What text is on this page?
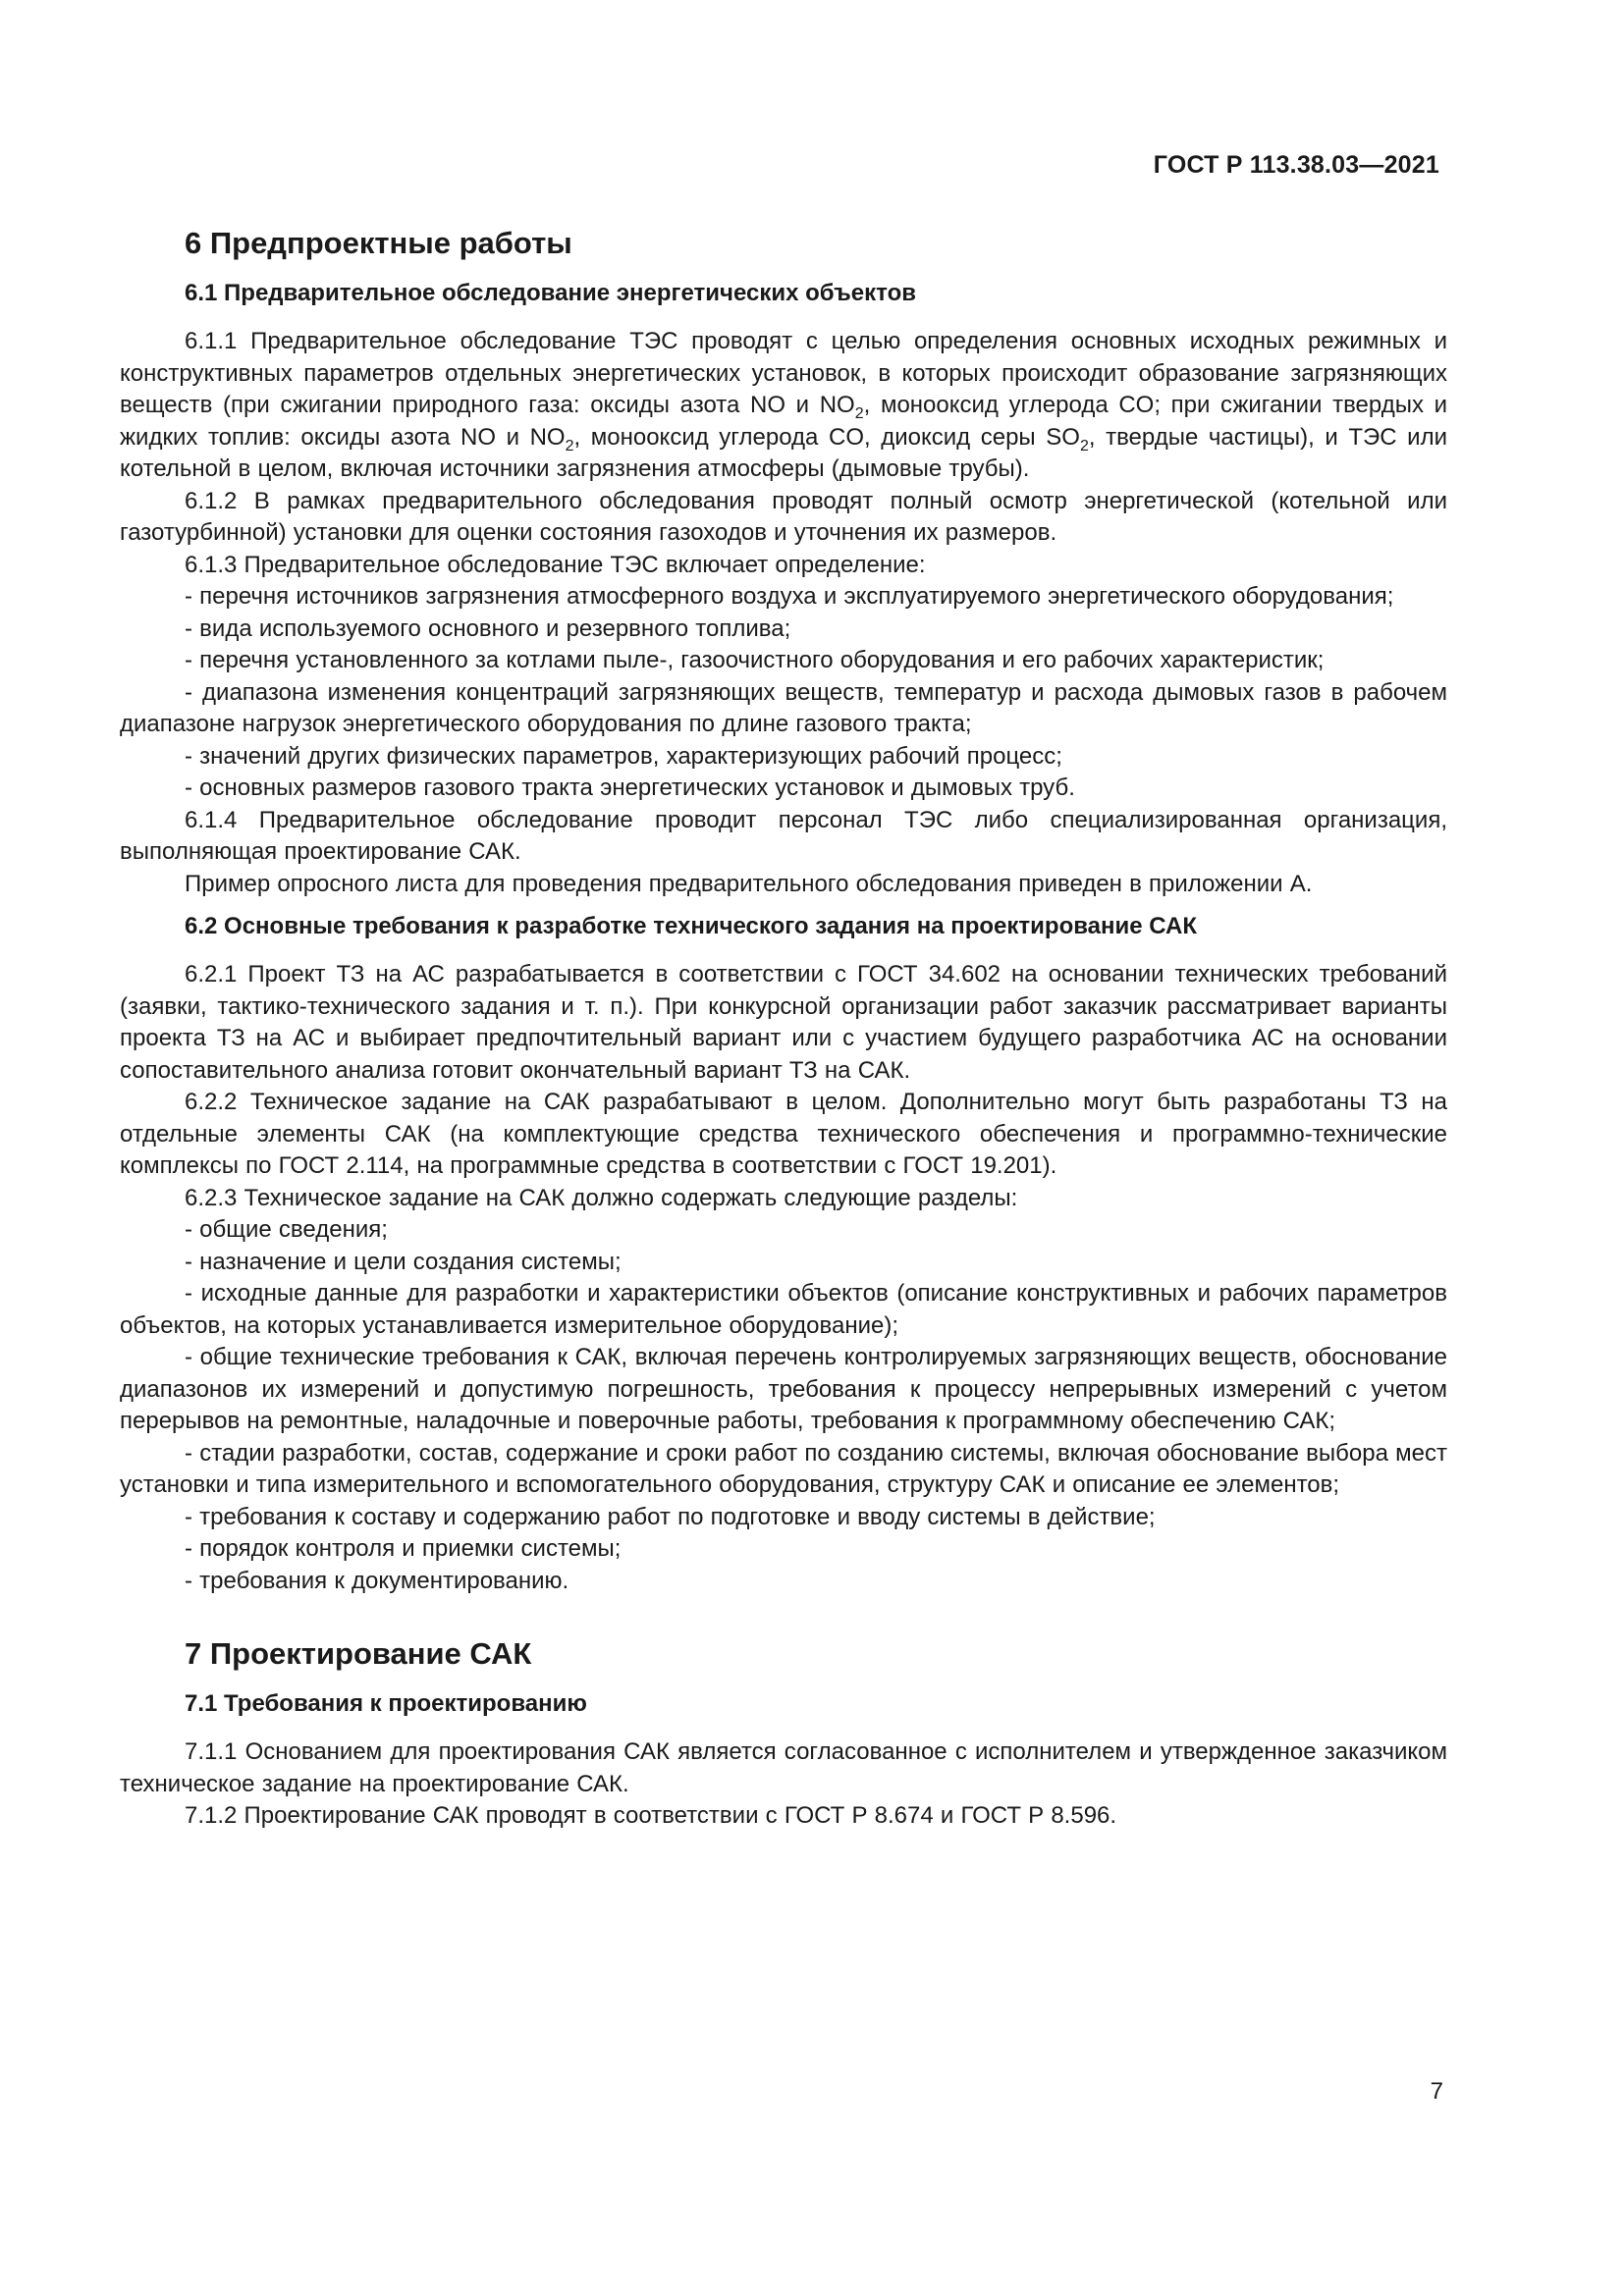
ГОСТ Р 113.38.03—2021
6 Предпроектные работы
6.1 Предварительное обследование энергетических объектов

6.1.1 Предварительное обследование ТЭС проводят с целью определения основных исходных режимных и конструктивных параметров отдельных энергетических установок, в которых происходит образование загрязняющих веществ (при сжигании природного газа: оксиды азота NO и $NO_2$, монооксид углерода CO; при сжигании твердых и жидких топлив: оксиды азота NO и $NO_2$, монооксид углерода CO, диоксид серы $SO_2$, твердые частицы), и ТЭС или котельной в целом, включая источники загрязнения атмосферы (дымовые трубы).

6.1.2 В рамках предварительного обследования проводят полный осмотр энергетической (котельной или газотурбинной) установки для оценки состояния газоходов и уточнения их размеров.

6.1.3 Предварительное обследование ТЭС включает определение:

- перечня источников загрязнения атмосферного воздуха и эксплуатируемого энергетического оборудования;

- вида используемого основного и резервного топлива;

- перечня установленного за котлами пыле-, газоочистного оборудования и его рабочих характеристик;

- диапазона изменения концентраций загрязняющих веществ, температур и расхода дымовых газов в рабочем диапазоне нагрузок энергетического оборудования по длине газового тракта;

- значений других физических параметров, характеризующих рабочий процесс;

- основных размеров газового тракта энергетических установок и дымовых труб.

6.1.4 Предварительное обследование проводит персонал ТЭС либо специализированная организация, выполняющая проектирование САК.

Пример опросного листа для проведения предварительного обследования приведен в приложении А.

6.2 Основные требования к разработке технического задания на проектирование САК

6.2.1 Проект ТЗ на АС разрабатывается в соответствии с ГОСТ 34.602 на основании технических требований (заявки, тактико-технического задания и т. п.). При конкурсной организации работ заказчик рассматривает варианты проекта ТЗ на АС и выбирает предпочтительный вариант или с участием будущего разработчика АС на основании сопоставительного анализа готовит окончательный вариант ТЗ на САК.

6.2.2 Техническое задание на САК разрабатывают в целом. Дополнительно могут быть разработаны ТЗ на отдельные элементы САК (на комплектующие средства технического обеспечения и программно-технические комплексы по ГОСТ 2.114, на программные средства в соответствии с ГОСТ 19.201).

6.2.3 Техническое задание на САК должно содержать следующие разделы:

- общие сведения;

- назначение и цели создания системы;

- исходные данные для разработки и характеристики объектов (описание конструктивных и рабочих параметров объектов, на которых устанавливается измерительное оборудование);

- общие технические требования к САК, включая перечень контролируемых загрязняющих веществ, обоснование диапазонов их измерений и допустимую погрешность, требования к процессу непрерывных измерений с учетом перерывов на ремонтные, наладочные и поверочные работы, требования к программному обеспечению САК;

- стадии разработки, состав, содержание и сроки работ по созданию системы, включая обоснование выбора мест установки и типа измерительного и вспомогательного оборудования, структуру САК и описание ее элементов;

- требования к составу и содержанию работ по подготовке и вводу системы в действие;

- порядок контроля и приемки системы;

- требования к документированию.

7 Проектирование САК
7.1 Требования к проектированию

7.1.1 Основанием для проектирования САК является согласованное с исполнителем и утвержденное заказчиком техническое задание на проектирование САК.

7.1.2 Проектирование САК проводят в соответствии с ГОСТ Р 8.674 и ГОСТ Р 8.596.

7
